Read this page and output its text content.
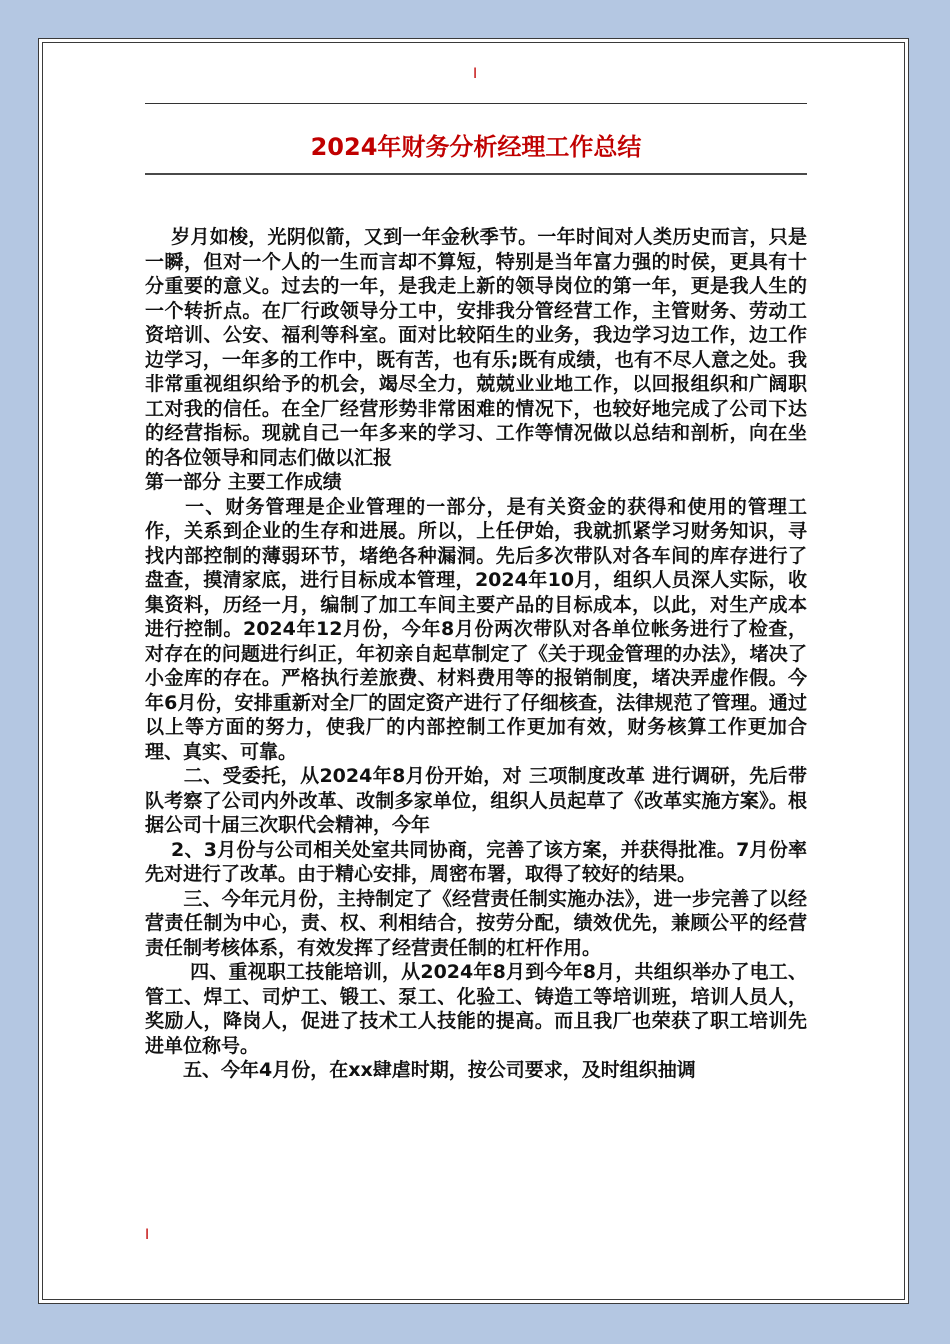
I
2024年财务分析经理工作总结

　 岁月如梭，光阴似箭，又到一年金秋季节。一年时间对人类历史而言，只是一瞬，但对一个人的一生而言却不算短，特别是当年富力强的时侯，更具有十分重要的意义。过去的一年，是我走上新的领导岗位的第一年，更是我人生的一个转折点。在厂行政领导分工中，安排我分管经营工作，主管财务、劳动工资培训、公安、福利等科室。面对比较陌生的业务，我边学习边工作，边工作边学习，一年多的工作中，既有苦，也有乐;既有成绩，也有不尽人意之处。我非常重视组织给予的机会，竭尽全力，兢兢业业地工作，以回报组织和广阔职工对我的信任。在全厂经营形势非常困难的情况下，也较好地完成了公司下达的经营指标。现就自己一年多来的学习、工作等情况做以总结和剖析，向在坐的各位领导和同志们做以汇报

第一部分 主要工作成绩

　　一、财务管理是企业管理的一部分，是有关资金的获得和使用的管理工作，关系到企业的生存和进展。所以，上任伊始，我就抓紧学习财务知识，寻找内部控制的薄弱环节，堵绝各种漏洞。先后多次带队对各车间的库存进行了盘查，摸清家底，进行目标成本管理，2024年10月，组织人员深人实际，收集资料，历经一月，编制了加工车间主要产品的目标成本，以此，对生产成本进行控制。2024年12月份，今年8月份两次带队对各单位帐务进行了检查，对存在的问题进行纠正，年初亲自起草制定了《关于现金管理的办法》，堵决了小金库的存在。严格执行差旅费、材料费用等的报销制度，堵决弄虚作假。今年6月份，安排重新对全厂的固定资产进行了仔细核查，法律规范了管理。通过以上等方面的努力，使我厂的内部控制工作更加有效，财务核算工作更加合理、真实、可靠。

　　二、受委托，从2024年8月份开始，对 三项制度改革 进行调研，先后带队考察了公司内外改革、改制多家单位，组织人员起草了《改革实施方案》。根据公司十届三次职代会精神，今年

　 2、3月份与公司相关处室共同协商，完善了该方案，并获得批准。7月份率先对进行了改革。由于精心安排，周密布署，取得了较好的结果。

　　三、今年元月份，主持制定了《经营责任制实施办法》，进一步完善了以经营责任制为中心，责、权、利相结合，按劳分配，绩效优先，兼顾公平的经营责任制考核体系，有效发挥了经营责任制的杠杆作用。

　　 四、重视职工技能培训，从2024年8月到今年8月，共组织举办了电工、管工、焊工、司炉工、锻工、泵工、化验工、铸造工等培训班，培训人员人，奖励人，降岗人，促进了技术工人技能的提高。而且我厂也荣获了职工培训先进单位称号。

　　五、今年4月份，在xx肆虐时期，按公司要求，及时组织抽调

I
